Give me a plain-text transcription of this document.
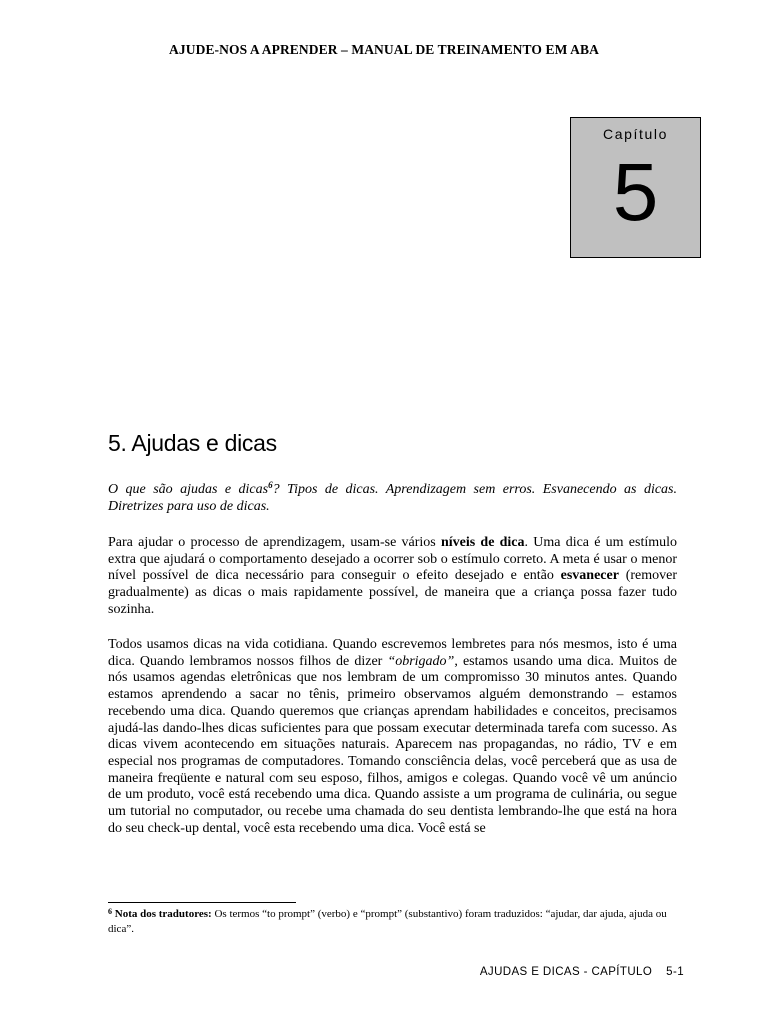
AJUDE-NOS A APRENDER – MANUAL DE TREINAMENTO EM ABA
Capítulo
5
5. Ajudas e dicas

O que são ajudas e dicas$^6$? Tipos de dicas. Aprendizagem sem erros. Esvanecendo as dicas. Diretrizes para uso de dicas.

Para ajudar o processo de aprendizagem, usam-se vários níveis de dica. Uma dica é um estímulo extra que ajudará o comportamento desejado a ocorrer sob o estímulo correto. A meta é usar o menor nível possível de dica necessário para conseguir o efeito desejado e então esvanecer (remover gradualmente) as dicas o mais rapidamente possível, de maneira que a criança possa fazer tudo sozinha.

Todos usamos dicas na vida cotidiana. Quando escrevemos lembretes para nós mesmos, isto é uma dica. Quando lembramos nossos filhos de dizer “obrigado”, estamos usando uma dica. Muitos de nós usamos agendas eletrônicas que nos lembram de um compromisso 30 minutos antes. Quando estamos aprendendo a sacar no tênis, primeiro observamos alguém demonstrando – estamos recebendo uma dica. Quando queremos que crianças aprendam habilidades e conceitos, precisamos ajudá-las dando-lhes dicas suficientes para que possam executar determinada tarefa com sucesso. As dicas vivem acontecendo em situações naturais. Aparecem nas propagandas, no rádio, TV e em especial nos programas de computadores. Tomando consciência delas, você perceberá que as usa de maneira freqüente e natural com seu esposo, filhos, amigos e colegas. Quando você vê um anúncio de um produto, você está recebendo uma dica. Quando assiste a um programa de culinária, ou segue um tutorial no computador, ou recebe uma chamada do seu dentista lembrando-lhe que está na hora do seu check-up dental, você esta recebendo uma dica. Você está se

$^6$ Nota dos tradutores: Os termos “to prompt” (verbo) e “prompt” (substantivo) foram traduzidos: “ajudar, dar ajuda, ajuda ou dica”.

AJUDAS E DICAS - CAPÍTULO 5-1
